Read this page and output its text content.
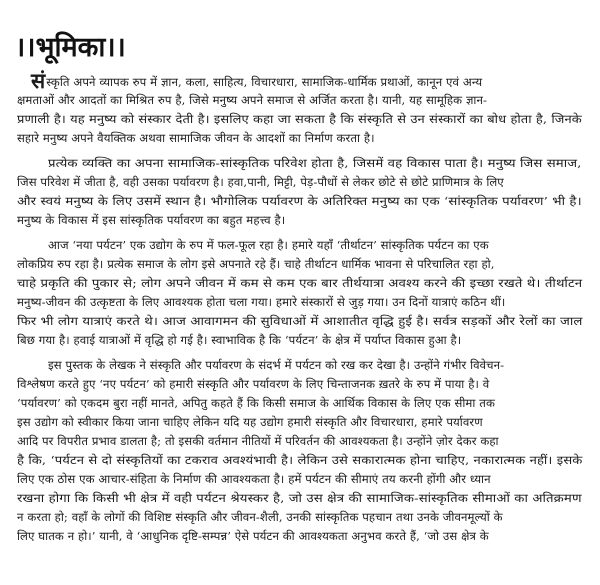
।।भूमिका।।
संस्कृति अपने व्यापक रुप में ज्ञान, कला, साहित्य, विचारधारा, सामाजिक-धार्मिक प्रथाओं, कानून एवं अन्य
क्षमताओं और आदतों का मिश्रित रुप है, जिसे मनुष्य अपने समाज से अर्जित करता है। यानी, यह सामूहिक ज्ञान-
प्रणाली है। यह मनुष्य को संस्कार देती है। इसलिए कहा जा सकता है कि संस्कृति से उन संस्कारों का बोध होता है, जिनके
सहारे मनुष्य अपने वैयक्तिक अथवा सामाजिक जीवन के आदशों का निर्माण करता है।
प्रत्येक व्यक्ति का अपना सामाजिक-सांस्कृतिक परिवेश होता है, जिसमें वह विकास पाता है। मनुष्य जिस समाज,
जिस परिवेश में जीता है, वही उसका पर्यावरण है। हवा,पानी, मिट्टी, पेड़-पौधों से लेकर छोटे से छोटे प्राणिमात्र के लिए
और स्वयं मनुष्य के लिए उसमें स्थान है। भौगोलिक पर्यावरण के अतिरिक्त मनुष्य का एक ‘सांस्कृतिक पर्यावरण’ भी है।
मनुष्य के विकास में इस सांस्कृतिक पर्यावरण का बहुत महत्त्व है।
आज ‘नया पर्यटन’ एक उद्योग के रुप में फल-फूल रहा है। हमारे यहाँ ‘तीर्थाटन’ सांस्कृतिक पर्यटन का एक
लोकप्रिय रुप रहा है। प्रत्येक समाज के लोग इसे अपनाते रहे हैं। चाहे तीर्थाटन धार्मिक भावना से परिचालित रहा हो,
चाहे प्रकृति की पुकार से; लोग अपने जीवन में कम से कम एक बार तीर्थयात्रा अवश्य करने की इच्छा रखते थे। तीर्थाटन
मनुष्य-जीवन की उत्कृष्टता के लिए आवश्यक होता चला गया। हमारे संस्कारों से जुड़ गया। उन दिनों यात्राएं कठिन थीं।
फिर भी लोग यात्राएं करते थे। आज आवागमन की सुविधाओं में आशातीत वृद्धि हुई है। सर्वत्र सड़कों और रेलों का जाल
बिछ गया है। हवाई यात्राओं में वृद्धि हो गई है। स्वाभाविक है कि ‘पर्यटन’ के क्षेत्र में पर्याप्त विकास हुआ है।
इस पुस्तक के लेखक ने संस्कृति और पर्यावरण के संदर्भ में पर्यटन को रख कर देखा है। उन्होंने गंभीर विवेचन-
विश्लेषण करते हुए ‘नए पर्यटन’ को हमारी संस्कृति और पर्यावरण के लिए चिन्ताजनक ख़तरे के रुप में पाया है। वे
‘पर्यावरण’ को एकदम बुरा नहीं मानते, अपितु कहते हैं कि किसी समाज के आर्थिक विकास के लिए एक सीमा तक
इस उद्योग को स्वीकार किया जाना चाहिए लेकिन यदि यह उद्योग हमारी संस्कृति और विचारधारा, हमारे पर्यावरण
आदि पर विपरीत प्रभाव डालता है; तो इसकी वर्तमान नीतियों में परिवर्तन की आवश्यकता है। उन्होंने ज़ोर देकर कहा
है कि, ‘पर्यटन से दो संस्कृतियों का टकराव अवश्यंभावी है। लेकिन उसे सकारात्मक होना चाहिए, नकारात्मक नहीं। इसके
लिए एक ठोस एक आचार-संहिता के निर्माण की आवश्यकता है। हमें पर्यटन की सीमाएं तय करनी होंगी और ध्यान
रखना होगा कि किसी भी क्षेत्र में वही पर्यटन श्रेयस्कर है, जो उस क्षेत्र की सामाजिक-सांस्कृतिक सीमाओं का अतिक्रमण
न करता हो; वहाँ के लोगों की विशिष्ट संस्कृति और जीवन-शैली, उनकी सांस्कृतिक पहचान तथा उनके जीवनमूल्यों के
लिए घातक न हो।’ यानी, वे ‘आधुनिक दृष्टि-सम्पन्न’ ऐसे पर्यटन की आवश्यकता अनुभव करते हैं, ‘जो उस क्षेत्र के
